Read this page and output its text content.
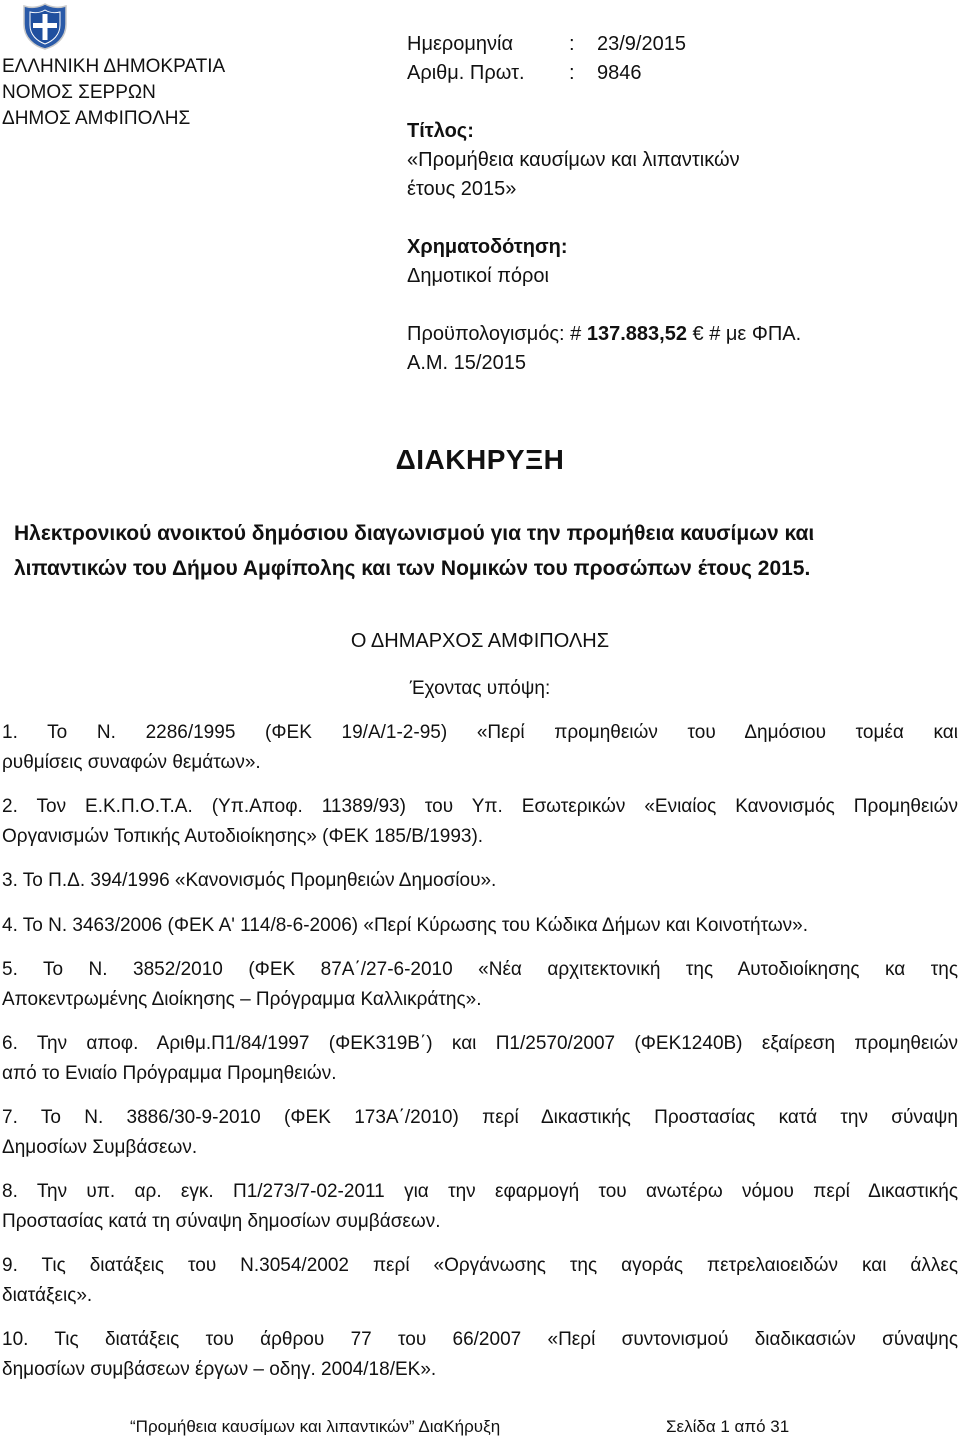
ΕΛΛΗΝΙΚΗ ΔΗΜΟΚΡΑΤΙΑ
ΝΟΜΟΣ ΣΕΡΡΩΝ
ΔΗΜΟΣ ΑΜΦΙΠΟΛΗΣ
Ημερομηνία	:	23/9/2015
Αριθμ. Πρωτ.	:	9846
Τίτλος:
«Προμήθεια καυσίμων και λιπαντικών
έτους 2015»
Χρηματοδότηση:
Δημοτικοί πόροι
Προϋπολογισμός: # 137.883,52 € # με ΦΠΑ.
Α.Μ. 15/2015
ΔΙΑΚΗΡΥΞΗ
Ηλεκτρονικού ανοικτού δημόσιου διαγωνισμού για την προμήθεια καυσίμων και
λιπαντικών του Δήμου Αμφίπολης και των Νομικών του προσώπων έτους 2015.
Ο ΔΗΜΑΡΧΟΣ ΑΜΦΙΠΟΛΗΣ
Έχοντας υπόψη:
1. Το Ν. 2286/1995 (ΦΕΚ 19/Α/1-2-95) «Περί προμηθειών του Δημόσιου τομέα και
ρυθμίσεις συναφών θεμάτων».
2. Τον Ε.Κ.Π.Ο.Τ.Α. (Υπ.Αποφ. 11389/93) του Υπ. Εσωτερικών «Ενιαίος Κανονισμός Προμηθειών
Οργανισμών Τοπικής Αυτοδιοίκησης» (ΦΕΚ 185/Β/1993).
3. Το Π.Δ. 394/1996 «Κανονισμός Προμηθειών Δημοσίου».
4. Το Ν. 3463/2006 (ΦΕΚ Α' 114/8-6-2006) «Περί Κύρωσης του Κώδικα Δήμων και Κοινοτήτων».
5. Το Ν. 3852/2010 (ΦΕΚ 87Α΄/27-6-2010 «Νέα αρχιτεκτονική της Αυτοδιοίκησης κα της
Αποκεντρωμένης Διοίκησης – Πρόγραμμα Καλλικράτης».
6. Την αποφ. Αριθμ.Π1/84/1997 (ΦΕΚ319Β΄) και Π1/2570/2007 (ΦΕΚ1240Β) εξαίρεση προμηθειών
από το Ενιαίο Πρόγραμμα Προμηθειών.
7. Το Ν. 3886/30-9-2010 (ΦΕΚ 173Α΄/2010) περί Δικαστικής Προστασίας κατά την σύναψη
Δημοσίων Συμβάσεων.
8. Την υπ. αρ. εγκ. Π1/273/7-02-2011 για την εφαρμογή του ανωτέρω νόμου περί Δικαστικής
Προστασίας κατά τη σύναψη δημοσίων συμβάσεων.
9. Τις διατάξεις του Ν.3054/2002 περί «Οργάνωσης της αγοράς πετρελαιοειδών και άλλες
διατάξεις».
10. Τις διατάξεις του άρθρου 77 του 66/2007 «Περί συντονισμού διαδικασιών σύναψης
δημοσίων συμβάσεων έργων – οδηγ. 2004/18/ΕΚ».
“Προμήθεια καυσίμων και λιπαντικών” ΔιαΚήρυξη	Σελίδα 1 από 31
